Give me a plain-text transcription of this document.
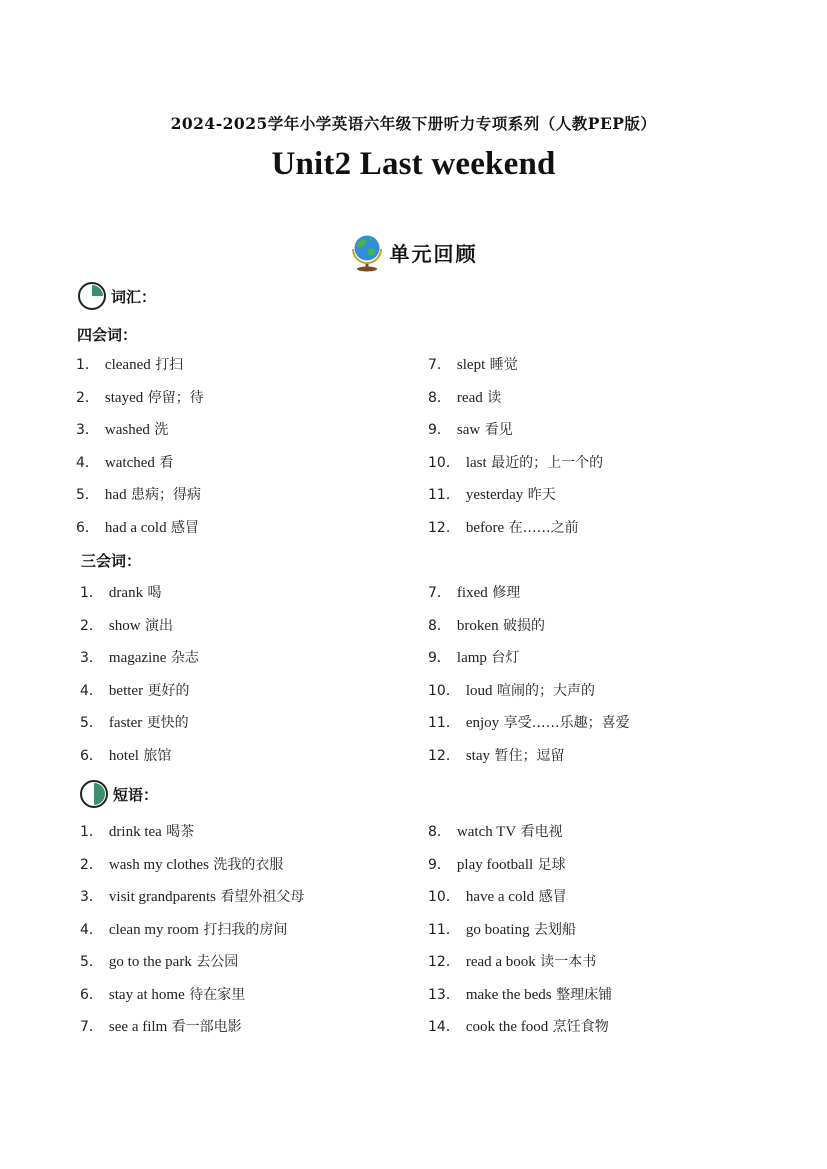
2024-2025学年小学英语六年级下册听力专项系列（人教PEP版）
Unit2 Last weekend
单元回顾
词汇：
四会词：
1． cleaned 打扫
2． stayed 停留；待
3． washed 洗
4． watched 看
5． had 患病；得病
6． had a cold 感冒
7． slept 睡觉
8． read 读
9． saw 看见
10． last 最近的；上一个的
11． yesterday 昨天
12． before 在……之前
三会词：
1． drank 喝
2． show 演出
3． magazine 杂志
4． better 更好的
5． faster 更快的
6． hotel 旅馆
7． fixed 修理
8． broken 破损的
9． lamp 台灯
10． loud 喧闹的；大声的
11． enjoy 享受……乐趣；喜爱
12． stay 暂住；逗留
短语：
1． drink tea 喝茶
2． wash my clothes 洗我的衣服
3． visit grandparents 看望外祖父母
4． clean my room 打扫我的房间
5． go to the park 去公园
6． stay at home 待在家里
7． see a film 看一部电影
8． watch TV 看电视
9． play football 足球
10． have a cold 感冒
11． go boating 去划船
12． read a book 读一本书
13． make the beds 整理床铺
14． cook the food 烹饪食物
